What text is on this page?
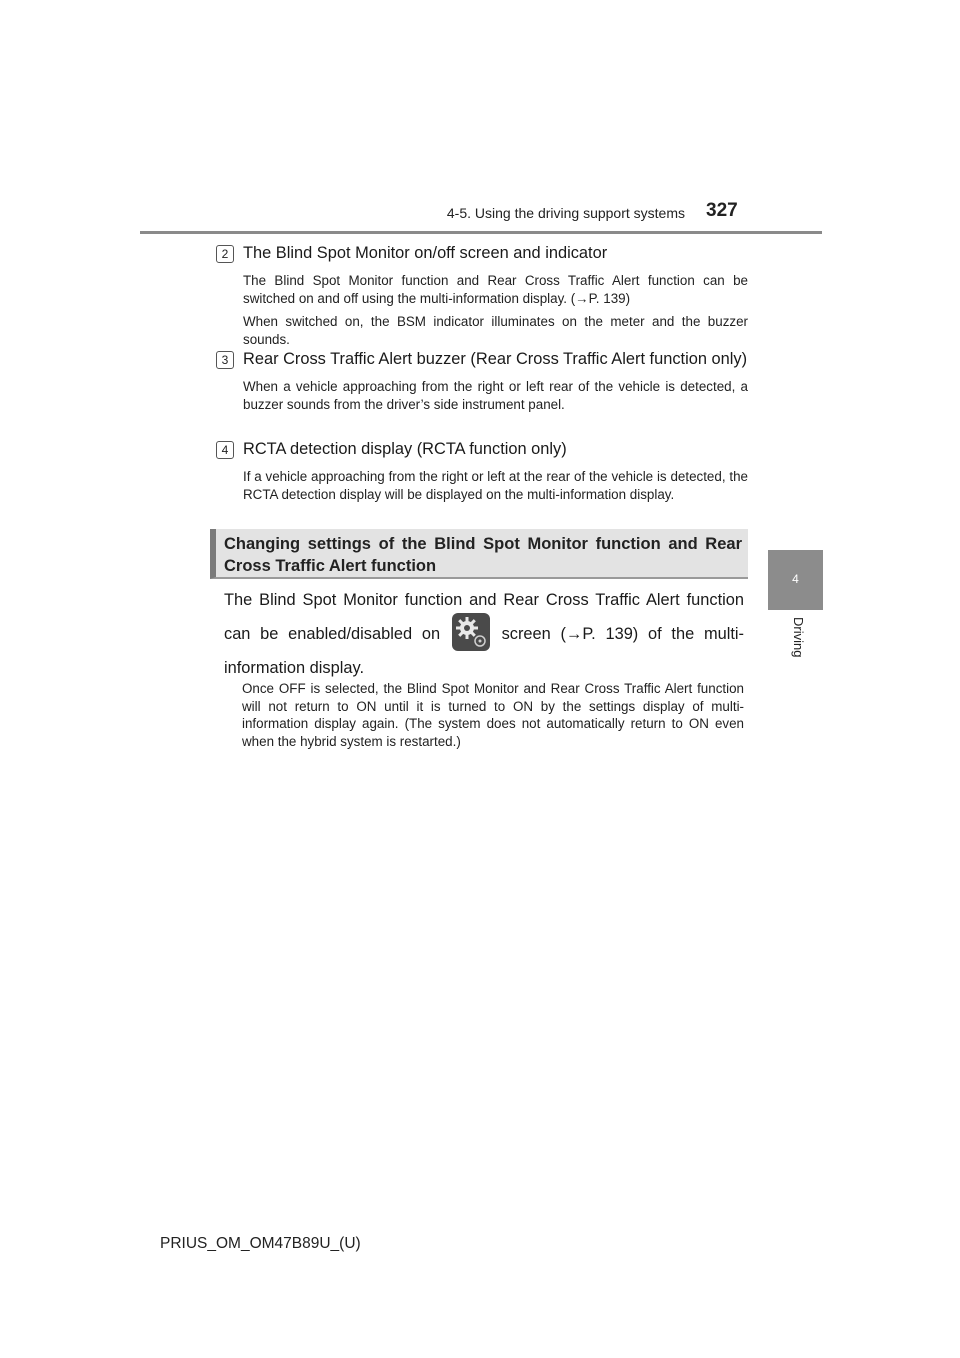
4-5. Using the driving support systems 327
4
Driving
2 The Blind Spot Monitor on/off screen and indicator
The Blind Spot Monitor function and Rear Cross Traffic Alert function can be switched on and off using the multi-information display. (→P. 139)
When switched on, the BSM indicator illuminates on the meter and the buzzer sounds.
3 Rear Cross Traffic Alert buzzer (Rear Cross Traffic Alert function only)
When a vehicle approaching from the right or left rear of the vehicle is detected, a buzzer sounds from the driver’s side instrument panel.
4 RCTA detection display (RCTA function only)
If a vehicle approaching from the right or left at the rear of the vehicle is detected, the RCTA detection display will be displayed on the multi-information display.
Changing settings of the Blind Spot Monitor function and Rear Cross Traffic Alert function
The Blind Spot Monitor function and Rear Cross Traffic Alert function can be enabled/disabled on	screen (→P. 139) of the multi-information display.
Once OFF is selected, the Blind Spot Monitor and Rear Cross Traffic Alert function will not return to ON until it is turned to ON by the settings display of multi-information display again. (The system does not automatically return to ON even when the hybrid system is restarted.)
PRIUS_OM_OM47B89U_(U)
